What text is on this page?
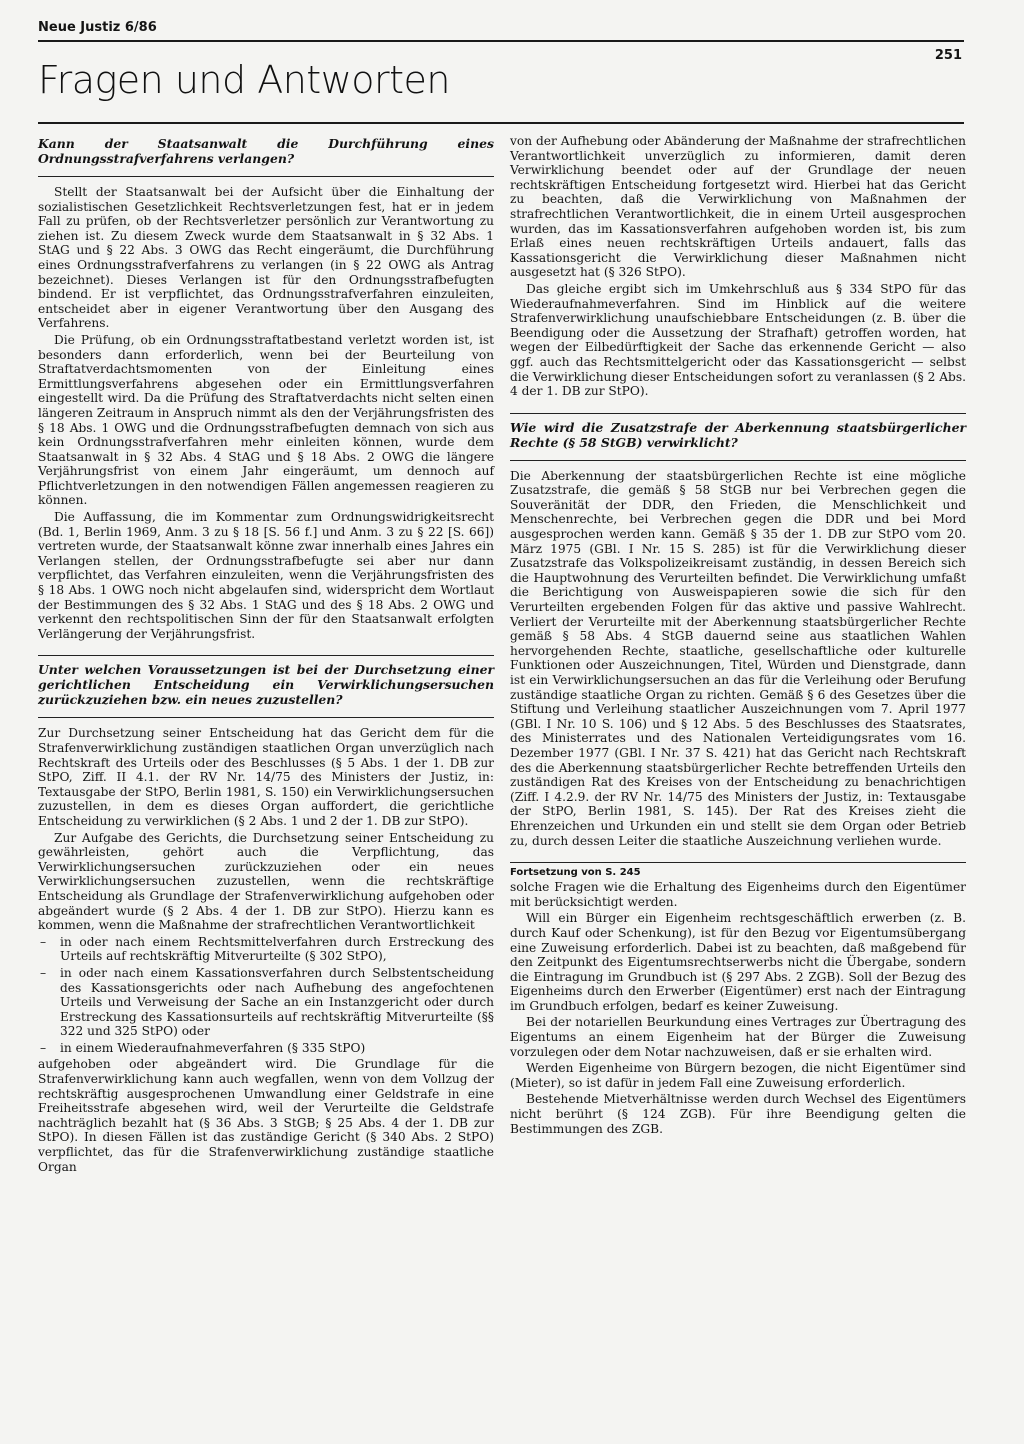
Neue Justiz 6/86
251
Fragen und Antworten
Kann der Staatsanwalt die Durchführung eines Ordnungsstrafverfahrens verlangen?

Stellt der Staatsanwalt bei der Aufsicht über die Einhaltung der sozialistischen Gesetzlichkeit Rechtsverletzungen fest, hat er in jedem Fall zu prüfen, ob der Rechtsverletzer persönlich zur Verantwortung zu ziehen ist. Zu diesem Zweck wurde dem Staatsanwalt in § 32 Abs. 1 StAG und § 22 Abs. 3 OWG das Recht eingeräumt, die Durchführung eines Ordnungsstrafverfahrens zu verlangen (in § 22 OWG als Antrag bezeichnet). Dieses Verlangen ist für den Ordnungsstrafbefugten bindend. Er ist verpflichtet, das Ordnungsstrafverfahren einzuleiten, entscheidet aber in eigener Verantwortung über den Ausgang des Verfahrens.

Die Prüfung, ob ein Ordnungsstraftatbestand verletzt worden ist, ist besonders dann erforderlich, wenn bei der Beurteilung von Straftatverdachtsmomenten von der Einleitung eines Ermittlungsverfahrens abgesehen oder ein Ermittlungsverfahren eingestellt wird. Da die Prüfung des Straftatverdachts nicht selten einen längeren Zeitraum in Anspruch nimmt als den der Verjährungsfristen des § 18 Abs. 1 OWG und die Ordnungsstrafbefugten demnach von sich aus kein Ordnungsstrafverfahren mehr einleiten können, wurde dem Staatsanwalt in § 32 Abs. 4 StAG und § 18 Abs. 2 OWG die längere Verjährungsfrist von einem Jahr eingeräumt, um dennoch auf Pflichtverletzungen in den notwendigen Fällen angemessen reagieren zu können.

Die Auffassung, die im Kommentar zum Ordnungswidrigkeitsrecht (Bd. 1, Berlin 1969, Anm. 3 zu § 18 [S. 56 f.] und Anm. 3 zu § 22 [S. 66]) vertreten wurde, der Staatsanwalt könne zwar innerhalb eines Jahres ein Verlangen stellen, der Ordnungsstrafbefugte sei aber nur dann verpflichtet, das Verfahren einzuleiten, wenn die Verjährungsfristen des § 18 Abs. 1 OWG noch nicht abgelaufen sind, widerspricht dem Wortlaut der Bestimmungen des § 32 Abs. 1 StAG und des § 18 Abs. 2 OWG und verkennt den rechtspolitischen Sinn der für den Staatsanwalt erfolgten Verlängerung der Verjährungsfrist.

Unter welchen Voraussetzungen ist bei der Durchsetzung einer gerichtlichen Entscheidung ein Verwirklichungsersuchen zurückzuziehen bzw. ein neues zuzustellen?

Zur Durchsetzung seiner Entscheidung hat das Gericht dem für die Strafenverwirklichung zuständigen staatlichen Organ unverzüglich nach Rechtskraft des Urteils oder des Beschlusses (§ 5 Abs. 1 der 1. DB zur StPO, Ziff. II 4.1. der RV Nr. 14/75 des Ministers der Justiz, in: Textausgabe der StPO, Berlin 1981, S. 150) ein Verwirklichungsersuchen zuzustellen, in dem es dieses Organ auffordert, die gerichtliche Entscheidung zu verwirklichen (§ 2 Abs. 1 und 2 der 1. DB zur StPO).

Zur Aufgabe des Gerichts, die Durchsetzung seiner Entscheidung zu gewährleisten, gehört auch die Verpflichtung, das Verwirklichungsersuchen zurückzuziehen oder ein neues Verwirklichungsersuchen zuzustellen, wenn die rechtskräftige Entscheidung als Grundlage der Strafenverwirklichung aufgehoben oder abgeändert wurde (§ 2 Abs. 4 der 1. DB zur StPO). Hierzu kann es kommen, wenn die Maßnahme der strafrechtlichen Verantwortlichkeit

– in oder nach einem Rechtsmittelverfahren durch Erstreckung des Urteils auf rechtskräftig Mitverurteilte (§ 302 StPO),
– in oder nach einem Kassationsverfahren durch Selbstentscheidung des Kassationsgerichts oder nach Aufhebung des angefochtenen Urteils und Verweisung der Sache an ein Instanzgericht oder durch Erstreckung des Kassationsurteils auf rechtskräftig Mitverurteilte (§§ 322 und 325 StPO) oder
– in einem Wiederaufnahmeverfahren (§ 335 StPO)

aufgehoben oder abgeändert wird. Die Grundlage für die Strafenverwirklichung kann auch wegfallen, wenn von dem Vollzug der rechtskräftig ausgesprochenen Umwandlung einer Geldstrafe in eine Freiheitsstrafe abgesehen wird, weil der Verurteilte die Geldstrafe nachträglich bezahlt hat (§ 36 Abs. 3 StGB; § 25 Abs. 4 der 1. DB zur StPO). In diesen Fällen ist das zuständige Gericht (§ 340 Abs. 2 StPO) verpflichtet, das für die Strafenverwirklichung zuständige staatliche Organ

von der Aufhebung oder Abänderung der Maßnahme der strafrechtlichen Verantwortlichkeit unverzüglich zu informieren, damit deren Verwirklichung beendet oder auf der Grundlage der neuen rechtskräftigen Entscheidung fortgesetzt wird. Hierbei hat das Gericht zu beachten, daß die Verwirklichung von Maßnahmen der strafrechtlichen Verantwortlichkeit, die in einem Urteil ausgesprochen wurden, das im Kassationsverfahren aufgehoben worden ist, bis zum Erlaß eines neuen rechtskräftigen Urteils andauert, falls das Kassationsgericht die Verwirklichung dieser Maßnahmen nicht ausgesetzt hat (§ 326 StPO).

Das gleiche ergibt sich im Umkehrschluß aus § 334 StPO für das Wiederaufnahmeverfahren. Sind im Hinblick auf die weitere Strafenverwirklichung unaufschiebbare Entscheidungen (z. B. über die Beendigung oder die Aussetzung der Strafhaft) getroffen worden, hat wegen der Eilbedürftigkeit der Sache das erkennende Gericht — also ggf. auch das Rechtsmittelgericht oder das Kassationsgericht — selbst die Verwirklichung dieser Entscheidungen sofort zu veranlassen (§ 2 Abs. 4 der 1. DB zur StPO).

Wie wird die Zusatzstrafe der Aberkennung staatsbürgerlicher Rechte (§ 58 StGB) verwirklicht?

Die Aberkennung der staatsbürgerlichen Rechte ist eine mögliche Zusatzstrafe, die gemäß § 58 StGB nur bei Verbrechen gegen die Souveränität der DDR, den Frieden, die Menschlichkeit und Menschenrechte, bei Verbrechen gegen die DDR und bei Mord ausgesprochen werden kann. Gemäß § 35 der 1. DB zur StPO vom 20. März 1975 (GBl. I Nr. 15 S. 285) ist für die Verwirklichung dieser Zusatzstrafe das Volkspolizeikreisamt zuständig, in dessen Bereich sich die Hauptwohnung des Verurteilten befindet. Die Verwirklichung umfaßt die Berichtigung von Ausweispapieren sowie die sich für den Verurteilten ergebenden Folgen für das aktive und passive Wahlrecht. Verliert der Verurteilte mit der Aberkennung staatsbürgerlicher Rechte gemäß § 58 Abs. 4 StGB dauernd seine aus staatlichen Wahlen hervorgehenden Rechte, staatliche, gesellschaftliche oder kulturelle Funktionen oder Auszeichnungen, Titel, Würden und Dienstgrade, dann ist ein Verwirklichungsersuchen an das für die Verleihung oder Berufung zuständige staatliche Organ zu richten. Gemäß § 6 des Gesetzes über die Stiftung und Verleihung staatlicher Auszeichnungen vom 7. April 1977 (GBl. I Nr. 10 S. 106) und § 12 Abs. 5 des Beschlusses des Staatsrates, des Ministerrates und des Nationalen Verteidigungsrates vom 16. Dezember 1977 (GBl. I Nr. 37 S. 421) hat das Gericht nach Rechtskraft des die Aberkennung staatsbürgerlicher Rechte betreffenden Urteils den zuständigen Rat des Kreises von der Entscheidung zu benachrichtigen (Ziff. I 4.2.9. der RV Nr. 14/75 des Ministers der Justiz, in: Textausgabe der StPO, Berlin 1981, S. 145). Der Rat des Kreises zieht die Ehrenzeichen und Urkunden ein und stellt sie dem Organ oder Betrieb zu, durch dessen Leiter die staatliche Auszeichnung verliehen wurde.

Fortsetzung von S. 245

solche Fragen wie die Erhaltung des Eigenheims durch den Eigentümer mit berücksichtigt werden.

Will ein Bürger ein Eigenheim rechtsgeschäftlich erwerben (z. B. durch Kauf oder Schenkung), ist für den Bezug vor Eigentumsübergang eine Zuweisung erforderlich. Dabei ist zu beachten, daß maßgebend für den Zeitpunkt des Eigentumsrechtserwerbs nicht die Übergabe, sondern die Eintragung im Grundbuch ist (§ 297 Abs. 2 ZGB). Soll der Bezug des Eigenheims durch den Erwerber (Eigentümer) erst nach der Eintragung im Grundbuch erfolgen, bedarf es keiner Zuweisung.

Bei der notariellen Beurkundung eines Vertrages zur Übertragung des Eigentums an einem Eigenheim hat der Bürger die Zuweisung vorzulegen oder dem Notar nachzuweisen, daß er sie erhalten wird.

Werden Eigenheime von Bürgern bezogen, die nicht Eigentümer sind (Mieter), so ist dafür in jedem Fall eine Zuweisung erforderlich.

Bestehende Mietverhältnisse werden durch Wechsel des Eigentümers nicht berührt (§ 124 ZGB). Für ihre Beendigung gelten die Bestimmungen des ZGB.
